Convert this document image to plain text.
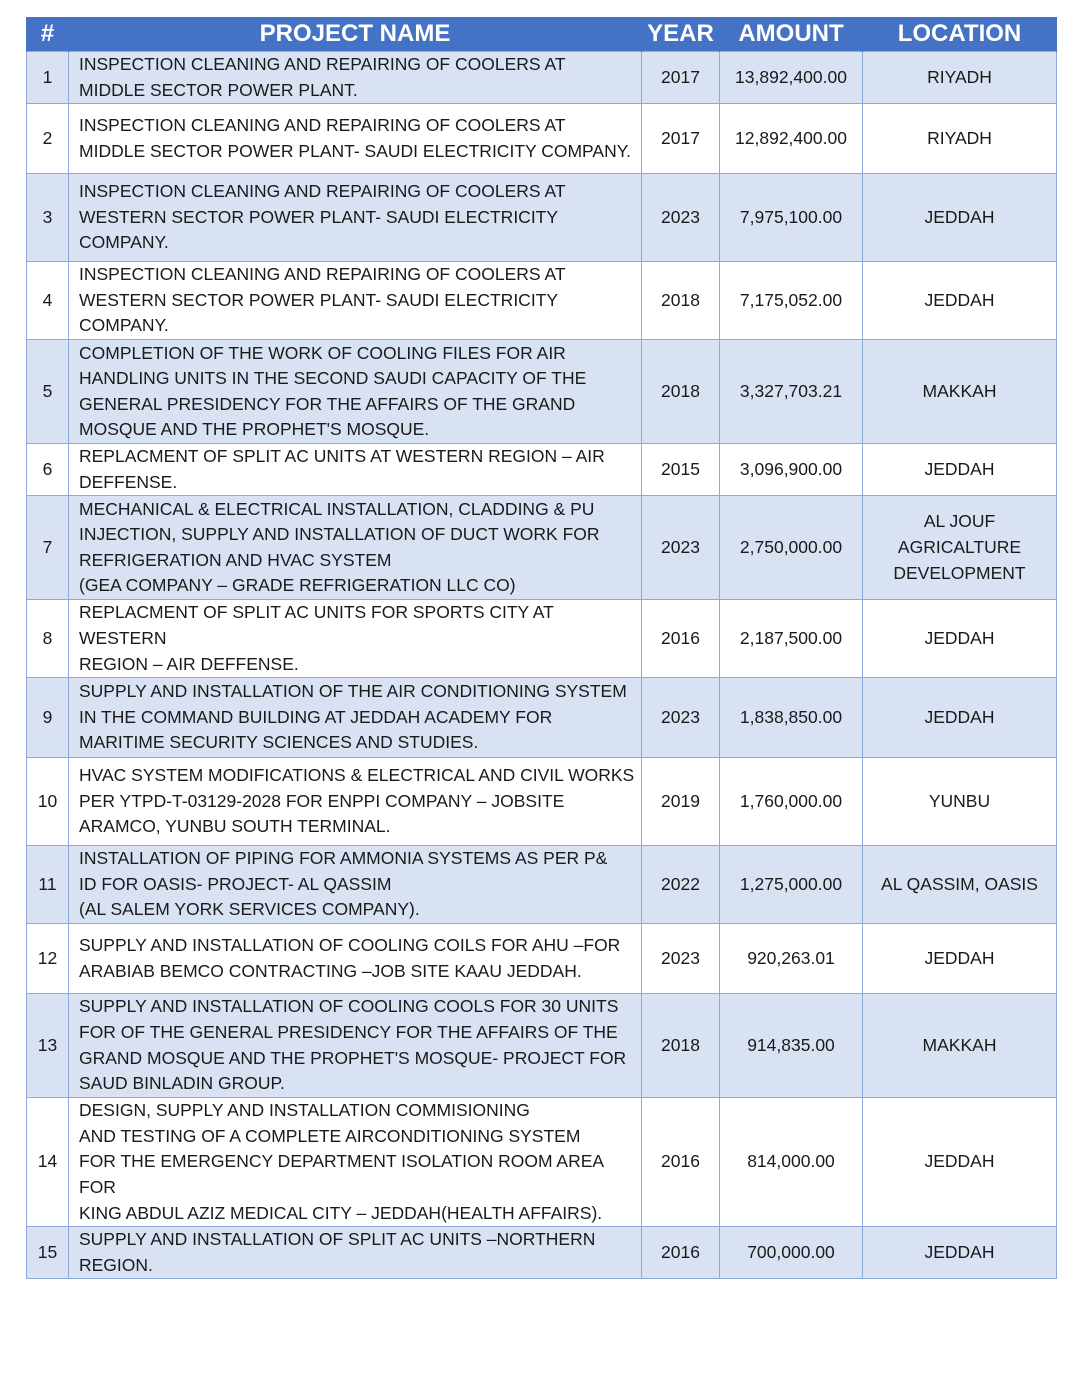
#	PROJECT NAME	YEAR	AMOUNT	LOCATION
1	INSPECTION CLEANING AND REPAIRING OF COOLERS AT
MIDDLE SECTOR POWER PLANT.	2017	13,892,400.00	RIYADH
2	INSPECTION CLEANING AND REPAIRING OF COOLERS AT
MIDDLE SECTOR POWER PLANT- SAUDI ELECTRICITY COMPANY.	2017	12,892,400.00	RIYADH
3	INSPECTION CLEANING AND REPAIRING OF COOLERS AT
WESTERN SECTOR POWER PLANT- SAUDI ELECTRICITY
COMPANY.	2023	7,975,100.00	JEDDAH
4	INSPECTION CLEANING AND REPAIRING OF COOLERS AT
WESTERN SECTOR POWER PLANT- SAUDI ELECTRICITY
COMPANY.	2018	7,175,052.00	JEDDAH
5	COMPLETION OF THE WORK OF COOLING FILES FOR AIR
HANDLING UNITS IN THE SECOND SAUDI CAPACITY OF THE
GENERAL PRESIDENCY FOR THE AFFAIRS OF THE GRAND
MOSQUE AND THE PROPHET'S MOSQUE.	2018	3,327,703.21	MAKKAH
6	REPLACMENT OF SPLIT AC UNITS AT WESTERN REGION – AIR
DEFFENSE.	2015	3,096,900.00	JEDDAH
7	MECHANICAL & ELECTRICAL INSTALLATION, CLADDING & PU
INJECTION, SUPPLY AND INSTALLATION OF DUCT WORK FOR
REFRIGERATION AND HVAC SYSTEM
(GEA COMPANY – GRADE REFRIGERATION LLC CO)	2023	2,750,000.00	AL JOUF
AGRICALTURE
DEVELOPMENT
8	REPLACMENT OF SPLIT AC UNITS FOR SPORTS CITY AT WESTERN
REGION – AIR DEFFENSE.	2016	2,187,500.00	JEDDAH
9	SUPPLY AND INSTALLATION OF THE AIR CONDITIONING SYSTEM
IN THE COMMAND BUILDING AT JEDDAH ACADEMY FOR
MARITIME SECURITY SCIENCES AND STUDIES.	2023	1,838,850.00	JEDDAH
10	HVAC SYSTEM MODIFICATIONS & ELECTRICAL AND CIVIL WORKS
PER YTPD-T-03129-2028 FOR ENPPI COMPANY – JOBSITE
ARAMCO, YUNBU SOUTH TERMINAL.	2019	1,760,000.00	YUNBU
11	INSTALLATION OF PIPING FOR AMMONIA SYSTEMS AS PER P&
ID FOR OASIS- PROJECT- AL QASSIM
(AL SALEM YORK SERVICES COMPANY).	2022	1,275,000.00	AL QASSIM, OASIS
12	SUPPLY AND INSTALLATION OF COOLING COILS FOR AHU –FOR
ARABIAB BEMCO CONTRACTING –JOB SITE KAAU JEDDAH.	2023	920,263.01	JEDDAH
13	SUPPLY AND INSTALLATION OF COOLING COOLS FOR 30 UNITS
FOR OF THE GENERAL PRESIDENCY FOR THE AFFAIRS OF THE
GRAND MOSQUE AND THE PROPHET'S MOSQUE- PROJECT FOR
SAUD BINLADIN GROUP.	2018	914,835.00	MAKKAH
14	DESIGN, SUPPLY AND INSTALLATION COMMISIONING
AND TESTING OF A COMPLETE AIRCONDITIONING SYSTEM
FOR THE EMERGENCY DEPARTMENT ISOLATION ROOM AREA FOR
KING ABDUL AZIZ MEDICAL CITY – JEDDAH(HEALTH AFFAIRS).	2016	814,000.00	JEDDAH
15	SUPPLY AND INSTALLATION OF SPLIT AC UNITS –NORTHERN
REGION.	2016	700,000.00	JEDDAH
